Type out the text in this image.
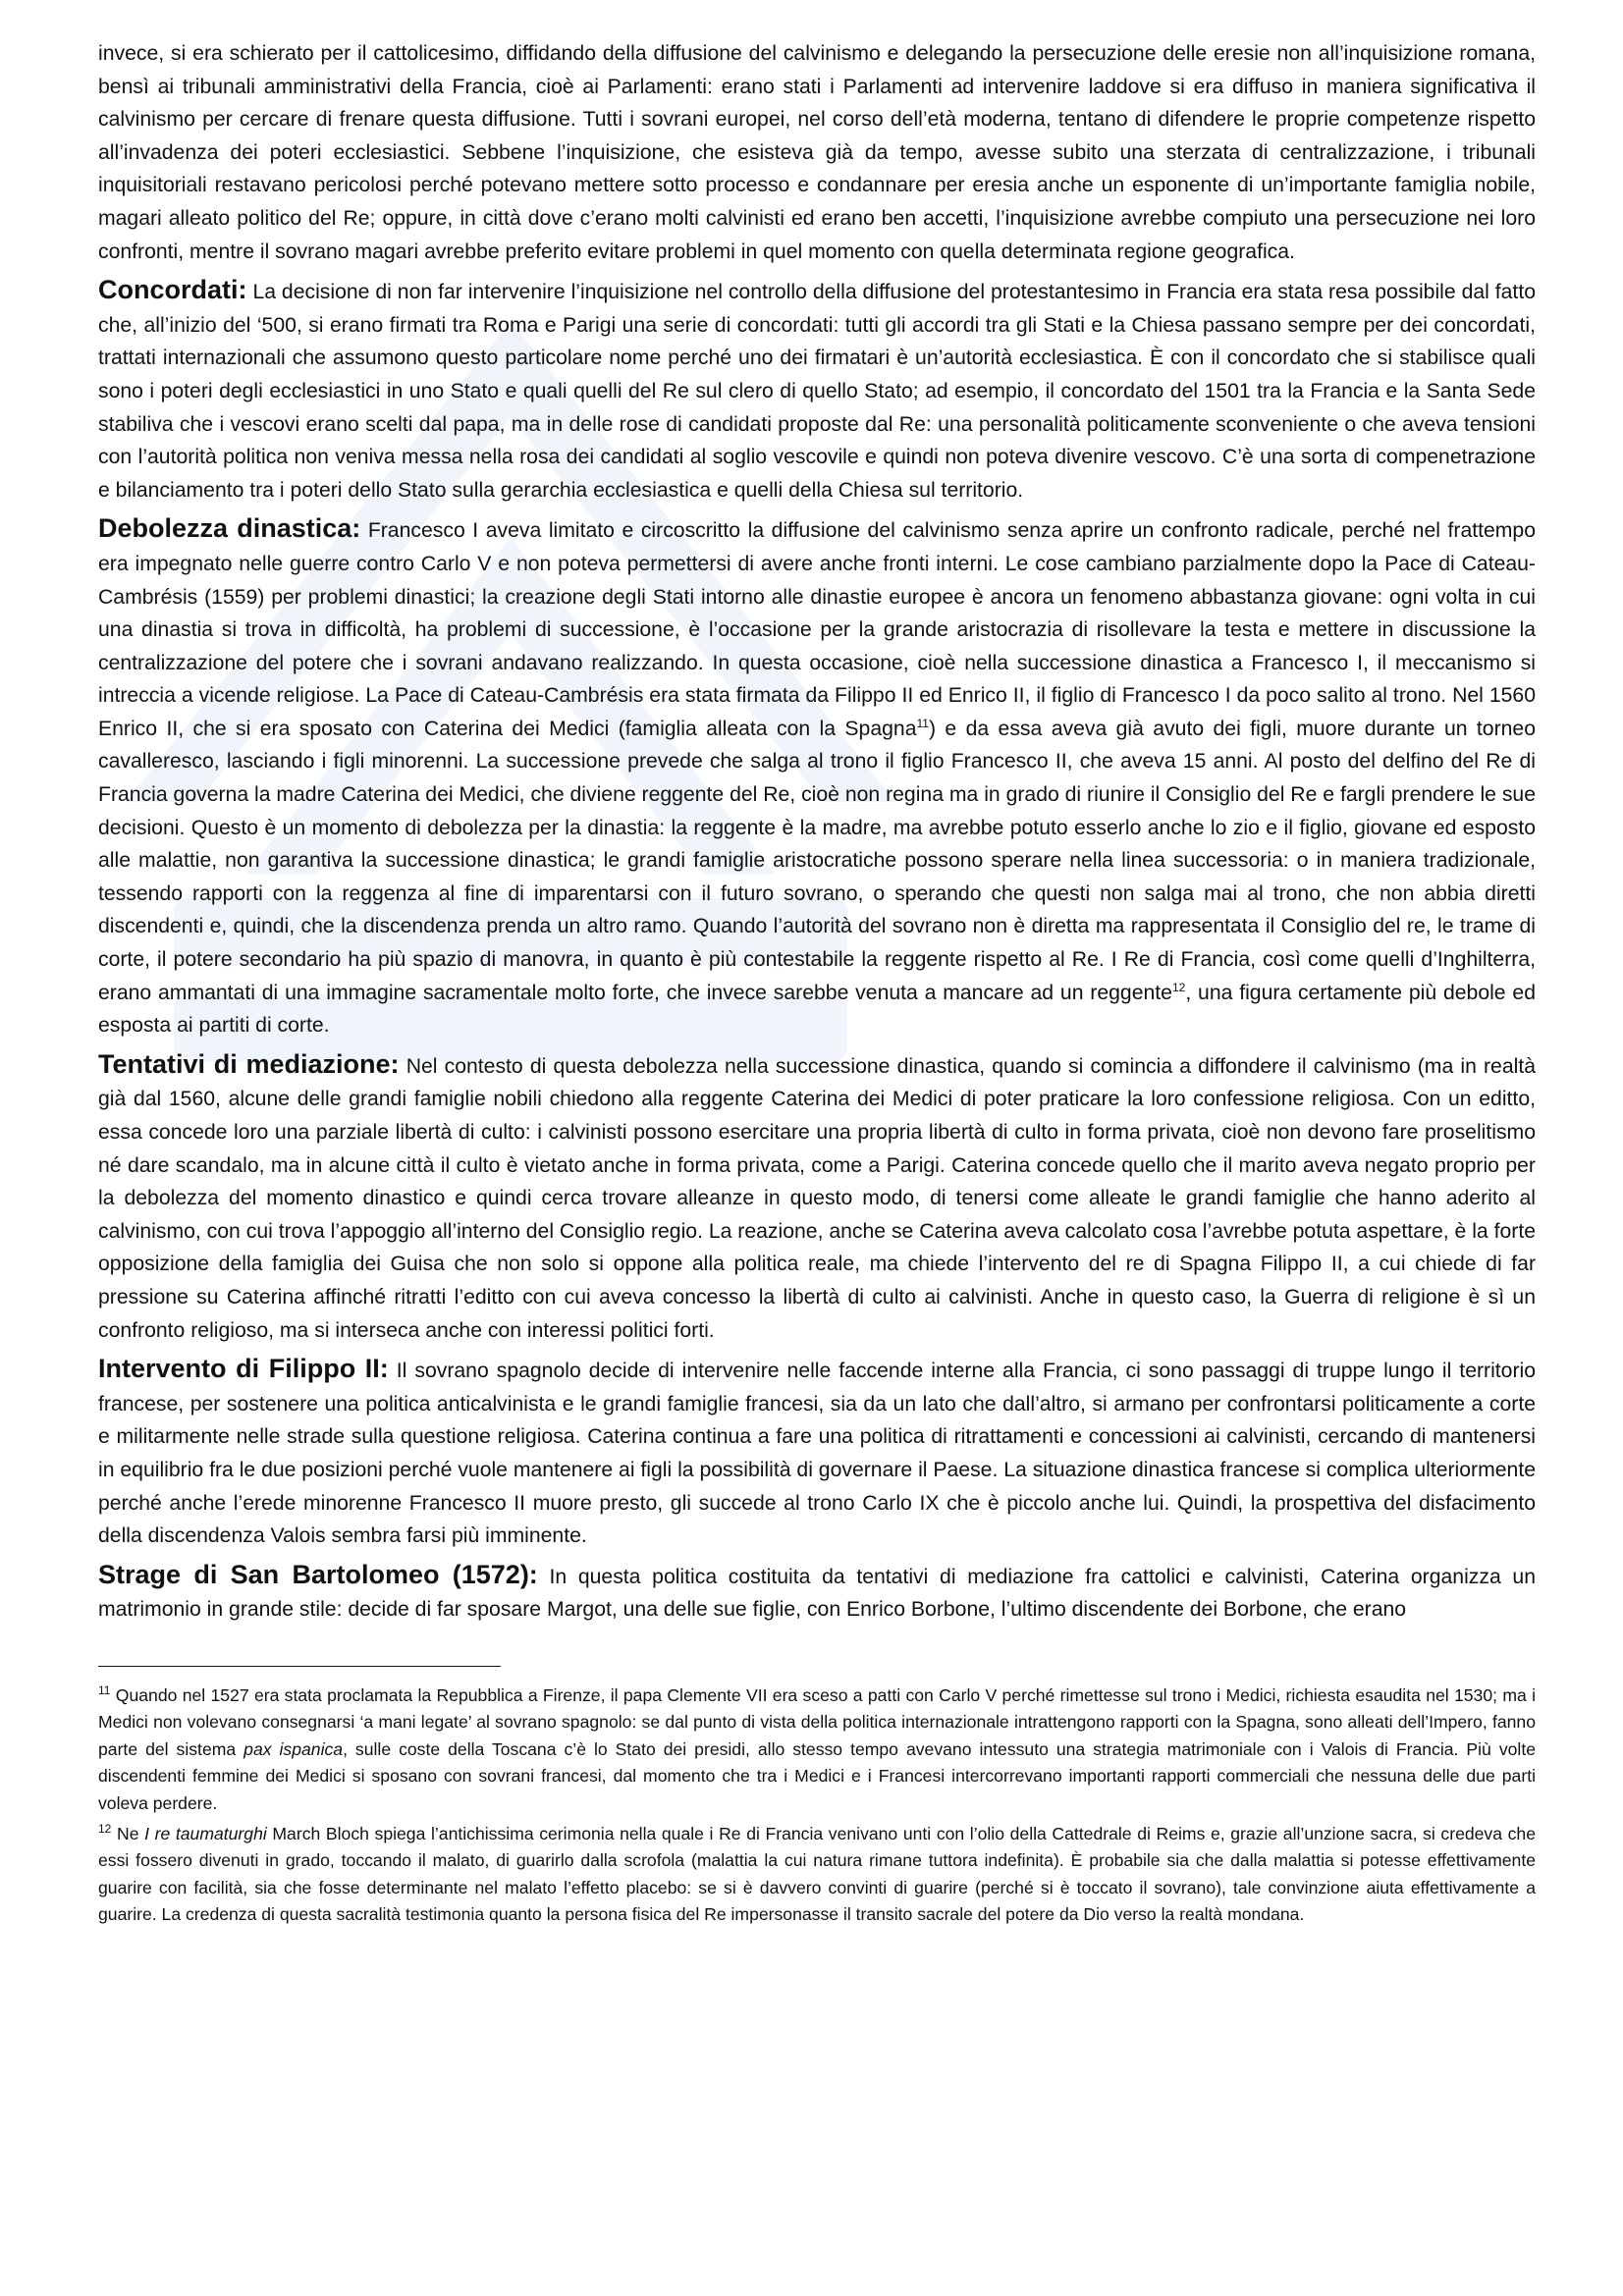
invece, si era schierato per il cattolicesimo, diffidando della diffusione del calvinismo e delegando la persecuzione delle eresie non all’inquisizione romana, bensì ai tribunali amministrativi della Francia, cioè ai Parlamenti: erano stati i Parlamenti ad intervenire laddove si era diffuso in maniera significativa il calvinismo per cercare di frenare questa diffusione. Tutti i sovrani europei, nel corso dell’età moderna, tentano di difendere le proprie competenze rispetto all’invadenza dei poteri ecclesiastici. Sebbene l’inquisizione, che esisteva già da tempo, avesse subito una sterzata di centralizzazione, i tribunali inquisitoriali restavano pericolosi perché potevano mettere sotto processo e condannare per eresia anche un esponente di un’importante famiglia nobile, magari alleato politico del Re; oppure, in città dove c’erano molti calvinisti ed erano ben accetti, l’inquisizione avrebbe compiuto una persecuzione nei loro confronti, mentre il sovrano magari avrebbe preferito evitare problemi in quel momento con quella determinata regione geografica.

Concordati: La decisione di non far intervenire l’inquisizione nel controllo della diffusione del protestantesimo in Francia era stata resa possibile dal fatto che, all’inizio del ‘500, si erano firmati tra Roma e Parigi una serie di concordati: tutti gli accordi tra gli Stati e la Chiesa passano sempre per dei concordati, trattati internazionali che assumono questo particolare nome perché uno dei firmatari è un’autorità ecclesiastica. È con il concordato che si stabilisce quali sono i poteri degli ecclesiastici in uno Stato e quali quelli del Re sul clero di quello Stato; ad esempio, il concordato del 1501 tra la Francia e la Santa Sede stabiliva che i vescovi erano scelti dal papa, ma in delle rose di candidati proposte dal Re: una personalità politicamente sconveniente o che aveva tensioni con l’autorità politica non veniva messa nella rosa dei candidati al soglio vescovile e quindi non poteva divenire vescovo. C’è una sorta di compenetrazione e bilanciamento tra i poteri dello Stato sulla gerarchia ecclesiastica e quelli della Chiesa sul territorio.

Debolezza dinastica: Francesco I aveva limitato e circoscritto la diffusione del calvinismo senza aprire un confronto radicale, perché nel frattempo era impegnato nelle guerre contro Carlo V e non poteva permettersi di avere anche fronti interni. Le cose cambiano parzialmente dopo la Pace di Cateau-Cambrésis (1559) per problemi dinastici; la creazione degli Stati intorno alle dinastie europee è ancora un fenomeno abbastanza giovane: ogni volta in cui una dinastia si trova in difficoltà, ha problemi di successione, è l’occasione per la grande aristocrazia di risollevare la testa e mettere in discussione la centralizzazione del potere che i sovrani andavano realizzando. In questa occasione, cioè nella successione dinastica a Francesco I, il meccanismo si intreccia a vicende religiose. La Pace di Cateau-Cambrésis era stata firmata da Filippo II ed Enrico II, il figlio di Francesco I da poco salito al trono. Nel 1560 Enrico II, che si era sposato con Caterina dei Medici (famiglia alleata con la Spagna$^{11}$) e da essa aveva già avuto dei figli, muore durante un torneo cavalleresco, lasciando i figli minorenni. La successione prevede che salga al trono il figlio Francesco II, che aveva 15 anni. Al posto del delfino del Re di Francia governa la madre Caterina dei Medici, che diviene reggente del Re, cioè non regina ma in grado di riunire il Consiglio del Re e fargli prendere le sue decisioni. Questo è un momento di debolezza per la dinastia: la reggente è la madre, ma avrebbe potuto esserlo anche lo zio e il figlio, giovane ed esposto alle malattie, non garantiva la successione dinastica; le grandi famiglie aristocratiche possono sperare nella linea successoria: o in maniera tradizionale, tessendo rapporti con la reggenza al fine di imparentarsi con il futuro sovrano, o sperando che questi non salga mai al trono, che non abbia diretti discendenti e, quindi, che la discendenza prenda un altro ramo. Quando l’autorità del sovrano non è diretta ma rappresentata il Consiglio del re, le trame di corte, il potere secondario ha più spazio di manovra, in quanto è più contestabile la reggente rispetto al Re. I Re di Francia, così come quelli d’Inghilterra, erano ammantati di una immagine sacramentale molto forte, che invece sarebbe venuta a mancare ad un reggente$^{12}$, una figura certamente più debole ed esposta ai partiti di corte.

Tentativi di mediazione: Nel contesto di questa debolezza nella successione dinastica, quando si comincia a diffondere il calvinismo (ma in realtà già dal 1560, alcune delle grandi famiglie nobili chiedono alla reggente Caterina dei Medici di poter praticare la loro confessione religiosa. Con un editto, essa concede loro una parziale libertà di culto: i calvinisti possono esercitare una propria libertà di culto in forma privata, cioè non devono fare proselitismo né dare scandalo, ma in alcune città il culto è vietato anche in forma privata, come a Parigi. Caterina concede quello che il marito aveva negato proprio per la debolezza del momento dinastico e quindi cerca trovare alleanze in questo modo, di tenersi come alleate le grandi famiglie che hanno aderito al calvinismo, con cui trova l’appoggio all’interno del Consiglio regio. La reazione, anche se Caterina aveva calcolato cosa l’avrebbe potuta aspettare, è la forte opposizione della famiglia dei Guisa che non solo si oppone alla politica reale, ma chiede l’intervento del re di Spagna Filippo II, a cui chiede di far pressione su Caterina affinché ritratti l’editto con cui aveva concesso la libertà di culto ai calvinisti. Anche in questo caso, la Guerra di religione è sì un confronto religioso, ma si interseca anche con interessi politici forti.

Intervento di Filippo II: Il sovrano spagnolo decide di intervenire nelle faccende interne alla Francia, ci sono passaggi di truppe lungo il territorio francese, per sostenere una politica anticalvinista e le grandi famiglie francesi, sia da un lato che dall’altro, si armano per confrontarsi politicamente a corte e militarmente nelle strade sulla questione religiosa. Caterina continua a fare una politica di ritrattamenti e concessioni ai calvinisti, cercando di mantenersi in equilibrio fra le due posizioni perché vuole mantenere ai figli la possibilità di governare il Paese. La situazione dinastica francese si complica ulteriormente perché anche l’erede minorenne Francesco II muore presto, gli succede al trono Carlo IX che è piccolo anche lui. Quindi, la prospettiva del disfacimento della discendenza Valois sembra farsi più imminente.

Strage di San Bartolomeo (1572): In questa politica costituita da tentativi di mediazione fra cattolici e calvinisti, Caterina organizza un matrimonio in grande stile: decide di far sposare Margot, una delle sue figlie, con Enrico Borbone, l’ultimo discendente dei Borbone, che erano

$^{11}$ Quando nel 1527 era stata proclamata la Repubblica a Firenze, il papa Clemente VII era sceso a patti con Carlo V perché rimettesse sul trono i Medici, richiesta esaudita nel 1530; ma i Medici non volevano consegnarsi ‘a mani legate’ al sovrano spagnolo: se dal punto di vista della politica internazionale intrattengono rapporti con la Spagna, sono alleati dell’Impero, fanno parte del sistema pax ispanica, sulle coste della Toscana c’è lo Stato dei presidi, allo stesso tempo avevano intessuto una strategia matrimoniale con i Valois di Francia. Più volte discendenti femmine dei Medici si sposano con sovrani francesi, dal momento che tra i Medici e i Francesi intercorrevano importanti rapporti commerciali che nessuna delle due parti voleva perdere.

$^{12}$ Ne I re taumaturghi March Bloch spiega l’antichissima cerimonia nella quale i Re di Francia venivano unti con l’olio della Cattedrale di Reims e, grazie all’unzione sacra, si credeva che essi fossero divenuti in grado, toccando il malato, di guarirlo dalla scrofola (malattia la cui natura rimane tuttora indefinita). È probabile sia che dalla malattia si potesse effettivamente guarire con facilità, sia che fosse determinante nel malato l’effetto placebo: se si è davvero convinti di guarire (perché si è toccato il sovrano), tale convinzione aiuta effettivamente a guarire. La credenza di questa sacralità testimonia quanto la persona fisica del Re impersonasse il transito sacrale del potere da Dio verso la realtà mondana.
